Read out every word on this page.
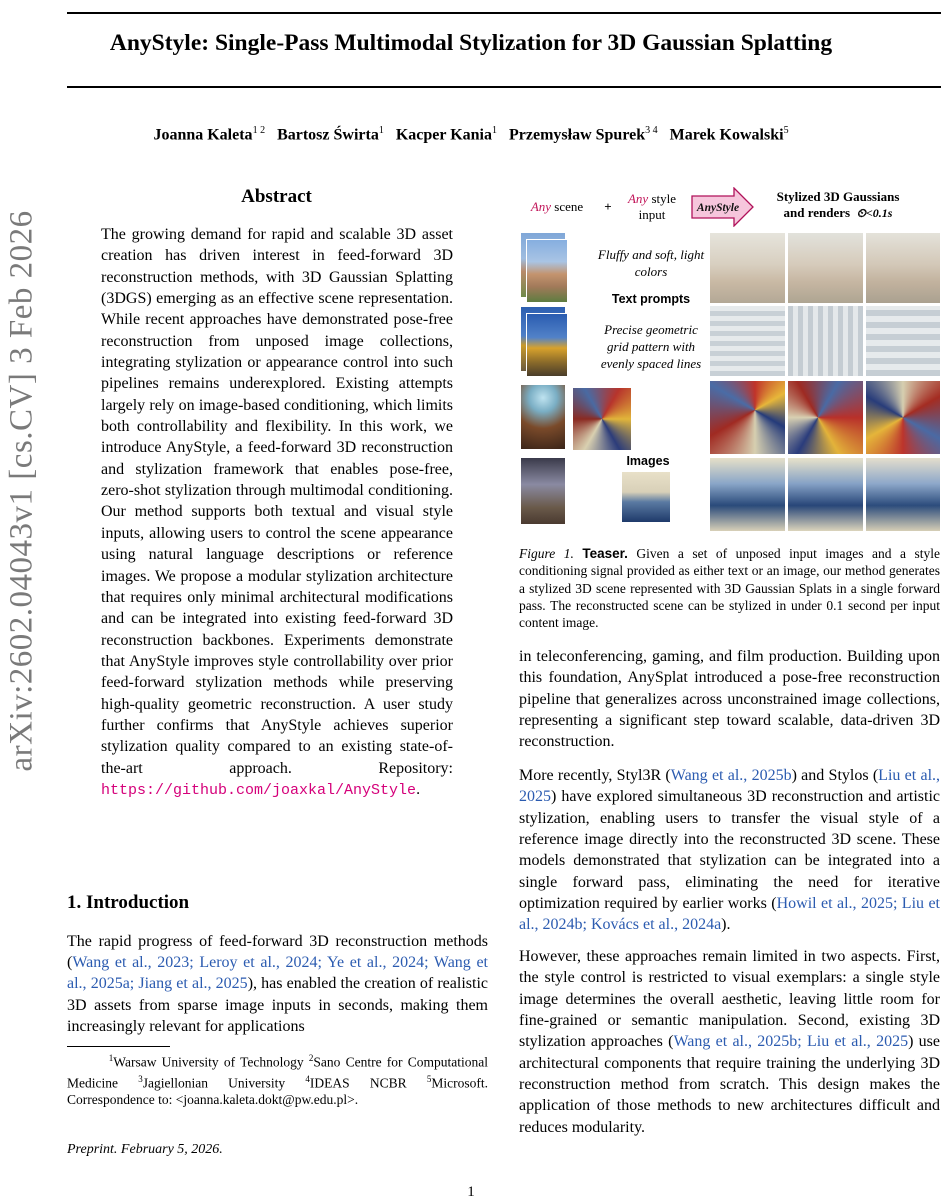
AnyStyle: Single-Pass Multimodal Stylization for 3D Gaussian Splatting
Joanna Kaleta$^{1 2}$ Bartosz Świrta$^1$ Kacper Kania$^1$ Przemysław Spurek$^{3 4}$ Marek Kowalski$^5$
arXiv:2602.04043v1 [cs.CV] 3 Feb 2026
Abstract
The growing demand for rapid and scalable 3D asset creation has driven interest in feed-forward 3D reconstruction methods, with 3D Gaussian Splatting (3DGS) emerging as an effective scene representation. While recent approaches have demonstrated pose-free reconstruction from unposed image collections, integrating stylization or appearance control into such pipelines remains underexplored. Existing attempts largely rely on image-based conditioning, which limits both controllability and flexibility. In this work, we introduce AnyStyle, a feed-forward 3D reconstruction and stylization framework that enables pose-free, zero-shot stylization through multimodal conditioning. Our method supports both textual and visual style inputs, allowing users to control the scene appearance using natural language descriptions or reference images. We propose a modular stylization architecture that requires only minimal architectural modifications and can be integrated into existing feed-forward 3D reconstruction backbones. Experiments demonstrate that AnyStyle improves style controllability over prior feed-forward stylization methods while preserving high-quality geometric reconstruction. A user study further confirms that AnyStyle achieves superior stylization quality compared to an existing state-of-the-art approach. Repository: https://github.com/joaxkal/AnyStyle.
1. Introduction
The rapid progress of feed-forward 3D reconstruction methods (Wang et al., 2023; Leroy et al., 2024; Ye et al., 2024; Wang et al., 2025a; Jiang et al., 2025), has enabled the creation of realistic 3D assets from sparse image inputs in seconds, making them increasingly relevant for applications
$^1$Warsaw University of Technology $^2$Sano Centre for Computational Medicine $^3$Jagiellonian University $^4$IDEAS NCBR $^5$Microsoft. Correspondence to: <joanna.kaleta.dokt@pw.edu.pl>.
Preprint. February 5, 2026.
1
Any scene	+
Any style
input	AnyStyle
Stylized 3D Gaussians
and renders ⏲<0.1s
Fluffy and soft, light colors
Text prompts
Precise geometric grid pattern with evenly spaced lines
Images
Figure 1. Teaser. Given a set of unposed input images and a style conditioning signal provided as either text or an image, our method generates a stylized 3D scene represented with 3D Gaussian Splats in a single forward pass. The reconstructed scene can be stylized in under 0.1 second per input content image.
in teleconferencing, gaming, and film production. Building upon this foundation, AnySplat introduced a pose-free reconstruction pipeline that generalizes across unconstrained image collections, representing a significant step toward scalable, data-driven 3D reconstruction.
More recently, Styl3R (Wang et al., 2025b) and Stylos (Liu et al., 2025) have explored simultaneous 3D reconstruction and artistic stylization, enabling users to transfer the visual style of a reference image directly into the reconstructed 3D scene. These models demonstrated that stylization can be integrated into a single forward pass, eliminating the need for iterative optimization required by earlier works (Howil et al., 2025; Liu et al., 2024b; Kovács et al., 2024a).
However, these approaches remain limited in two aspects. First, the style control is restricted to visual exemplars: a single style image determines the overall aesthetic, leaving little room for fine-grained or semantic manipulation. Second, existing 3D stylization approaches (Wang et al., 2025b; Liu et al., 2025) use architectural components that require training the underlying 3D reconstruction method from scratch. This design makes the application of those methods to new architectures difficult and reduces modularity.
